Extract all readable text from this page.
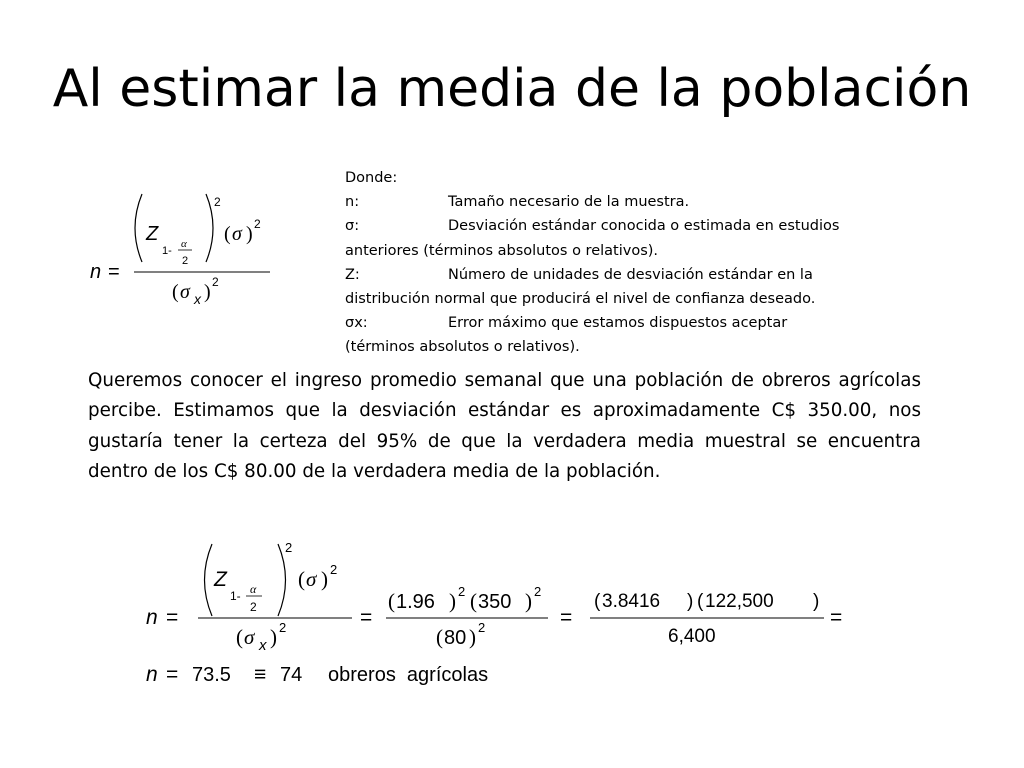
Al estimar la media de la población
n =
2
Z
1-
α
2
( σ ) 2
( σ x ) 2
Donde:
n:	Tamaño necesario de la muestra.
σ:	Desviación estándar conocida o estimada en estudios
anteriores (términos absolutos o relativos).
Z:	Número de unidades de desviación estándar en la
distribución normal que producirá el nivel de confianza deseado.
σx:	Error máximo que estamos dispuestos aceptar
(términos absolutos o relativos).
Queremos conocer el ingreso promedio semanal que una población de obreros agrícolas percibe. Estimamos que la desviación estándar es aproximadamente C$ 350.00, nos gustaría tener la certeza del 95% de que la verdadera media muestral se encuentra dentro de los C$ 80.00 de la verdadera media de la población.
n =
2
Z
1- α
2
( σ ) 2
( σ x ) 2	=
( 1.96 ) 2 ( 350 ) 2
( 80 ) 2	=
( 3.8416 ) ( 122,500 )
6,400
=
n = 73.5 ≡ 74 obreros  agrícolas
